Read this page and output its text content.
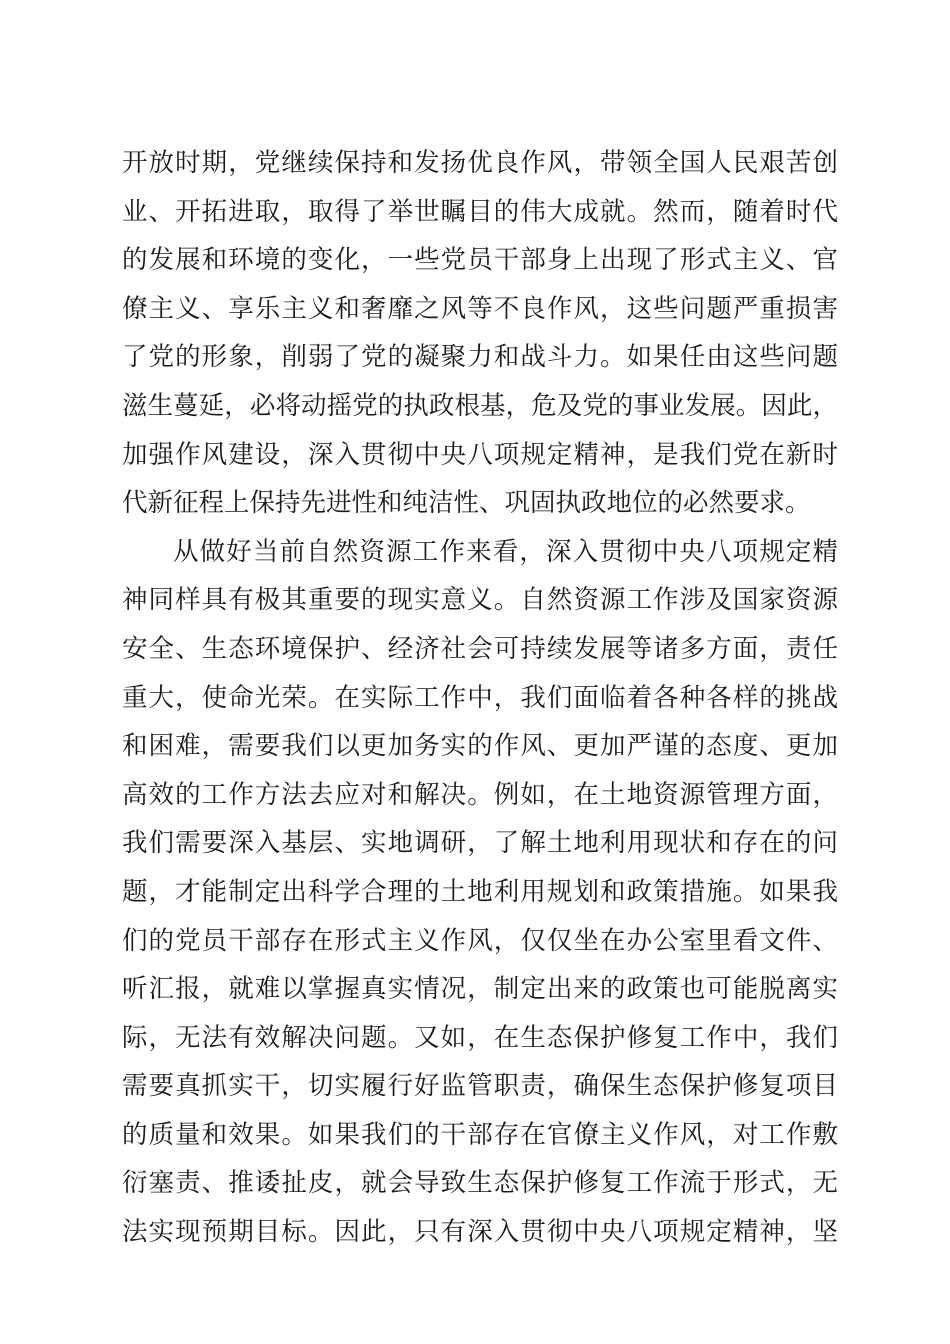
开放时期，党继续保持和发扬优良作风，带领全国人民艰苦创
业、开拓进取，取得了举世瞩目的伟大成就。然而，随着时代
的发展和环境的变化，一些党员干部身上出现了形式主义、官
僚主义、享乐主义和奢靡之风等不良作风，这些问题严重损害
了党的形象，削弱了党的凝聚力和战斗力。如果任由这些问题
滋生蔓延，必将动摇党的执政根基，危及党的事业发展。因此，
加强作风建设，深入贯彻中央八项规定精神，是我们党在新时
代新征程上保持先进性和纯洁性、巩固执政地位的必然要求。
从做好当前自然资源工作来看，深入贯彻中央八项规定精
神同样具有极其重要的现实意义。自然资源工作涉及国家资源
安全、生态环境保护、经济社会可持续发展等诸多方面，责任
重大，使命光荣。在实际工作中，我们面临着各种各样的挑战
和困难，需要我们以更加务实的作风、更加严谨的态度、更加
高效的工作方法去应对和解决。例如，在土地资源管理方面，
我们需要深入基层、实地调研，了解土地利用现状和存在的问
题，才能制定出科学合理的土地利用规划和政策措施。如果我
们的党员干部存在形式主义作风，仅仅坐在办公室里看文件、
听汇报，就难以掌握真实情况，制定出来的政策也可能脱离实
际，无法有效解决问题。又如，在生态保护修复工作中，我们
需要真抓实干，切实履行好监管职责，确保生态保护修复项目
的质量和效果。如果我们的干部存在官僚主义作风，对工作敷
衍塞责、推诿扯皮，就会导致生态保护修复工作流于形式，无
法实现预期目标。因此，只有深入贯彻中央八项规定精神，坚
